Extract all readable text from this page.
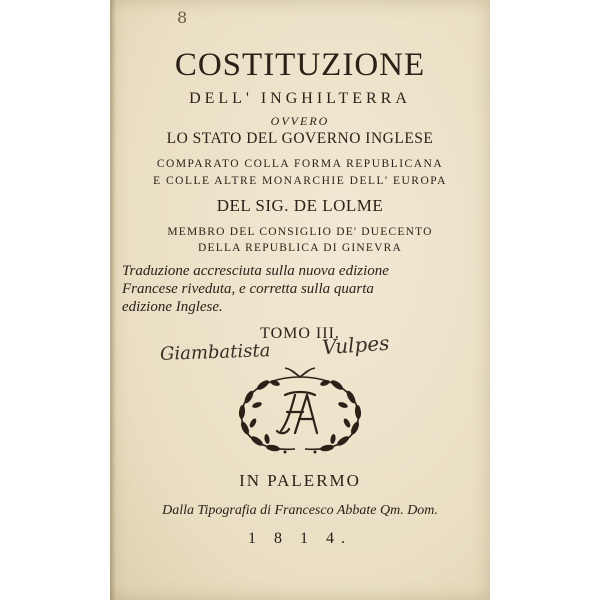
8
COSTITUZIONE
DELL' INGHILTERRA
OVVERO
LO STATO DEL GOVERNO INGLESE
COMPARATO COLLA FORMA REPUBLICANA
E COLLE ALTRE MONARCHIE DELL' EUROPA
DEL SIG. DE LOLME
MEMBRO DEL CONSIGLIO DE' DUECENTO
DELLA REPUBLICA DI GINEVRA
Traduzione accresciuta sulla nuova edizione
Francese riveduta, e corretta sulla quarta
edizione Inglese.
TOMO III.
Giambatista	Vulpes
IN PALERMO
Dalla Tipografia di Francesco Abbate Qm. Dom.
1 8 1 4.
